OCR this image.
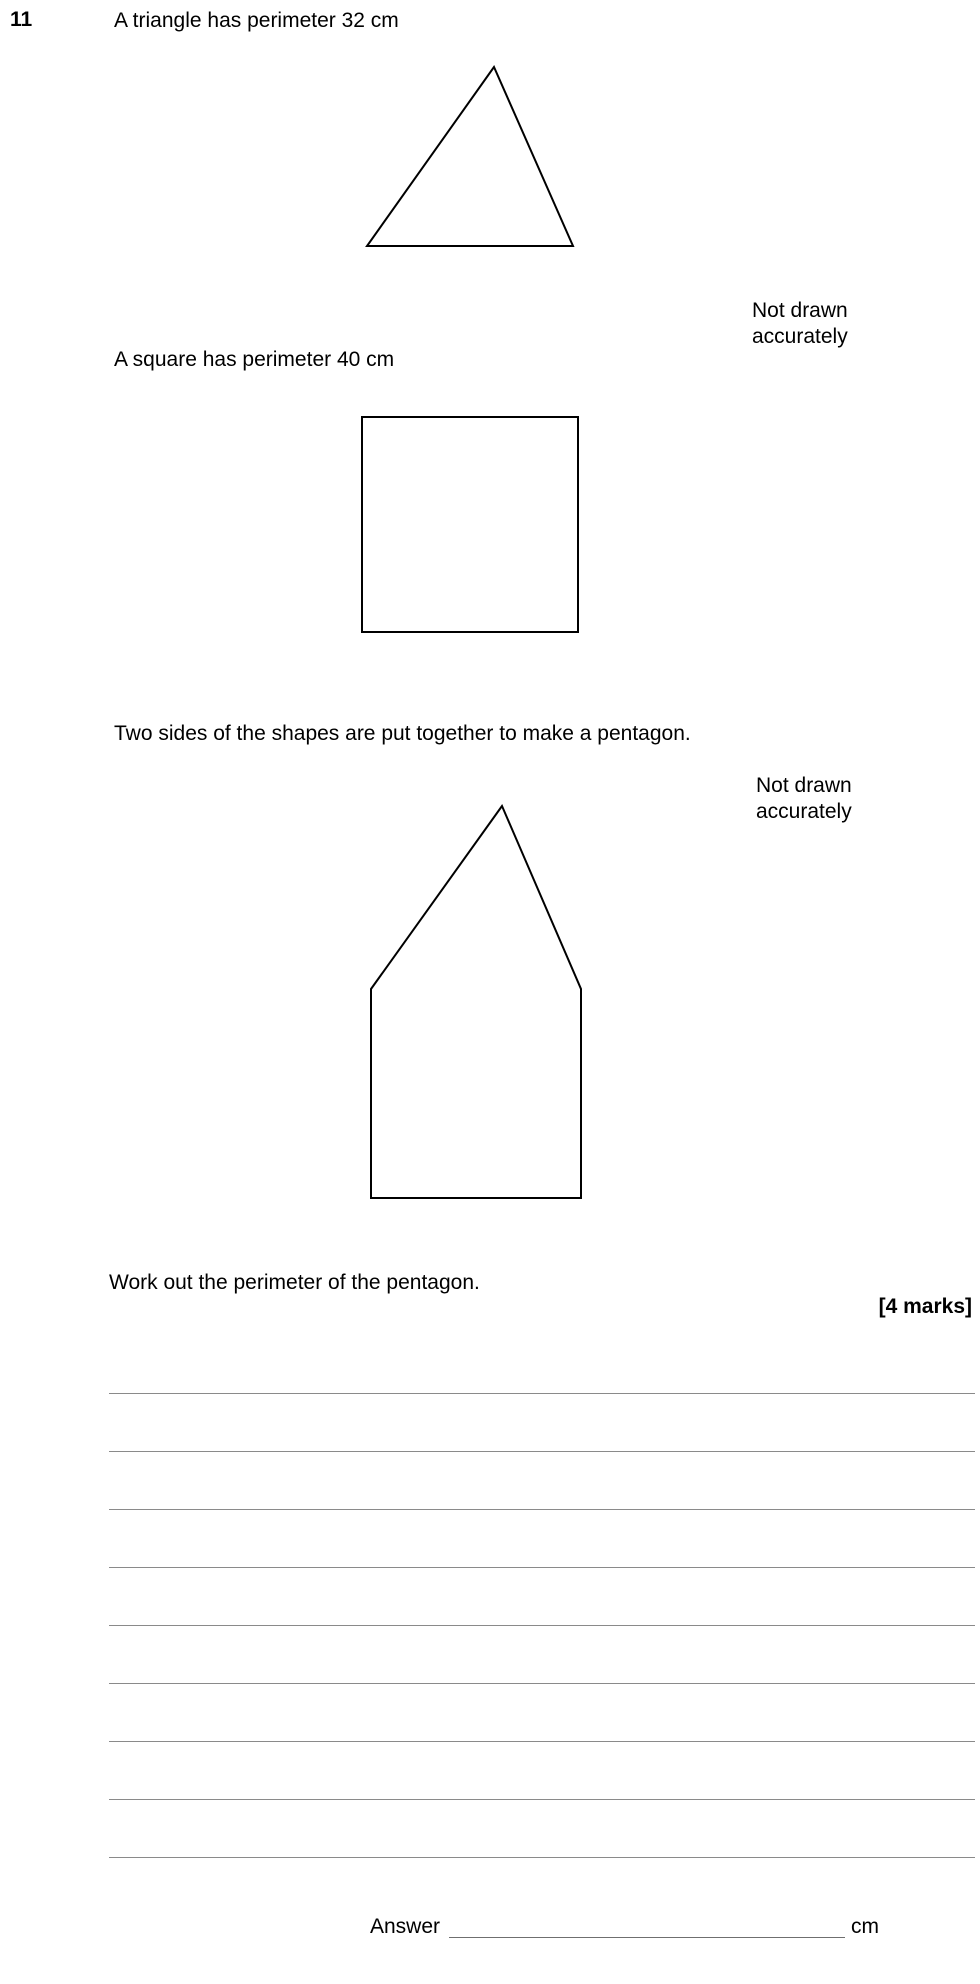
11	A triangle has perimeter 32 cm
Not drawn
accurately
A square has perimeter 40 cm
Two sides of the shapes are put together to make a pentagon.
Not drawn
accurately
Work out the perimeter of the pentagon.
[4 marks]
Answer	cm
